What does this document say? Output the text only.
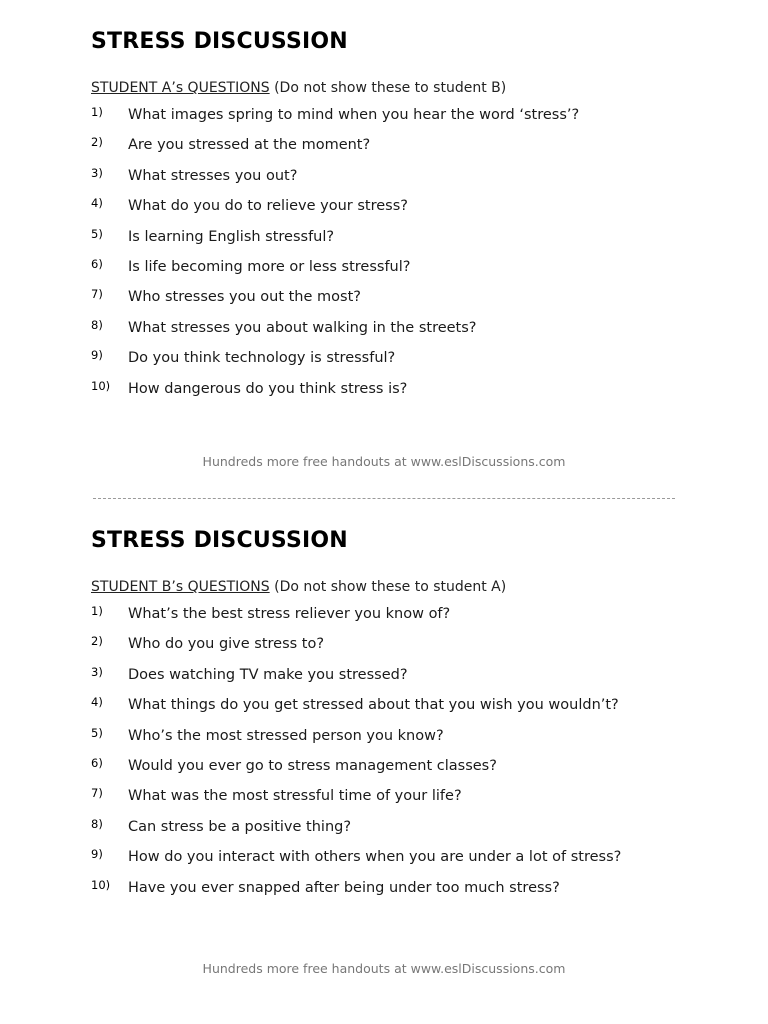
STRESS DISCUSSION
STUDENT A’s QUESTIONS (Do not show these to student B)
1) What images spring to mind when you hear the word ‘stress’?
2) Are you stressed at the moment?
3) What stresses you out?
4) What do you do to relieve your stress?
5) Is learning English stressful?
6) Is life becoming more or less stressful?
7) Who stresses you out the most?
8) What stresses you about walking in the streets?
9) Do you think technology is stressful?
10) How dangerous do you think stress is?
Hundreds more free handouts at www.eslDiscussions.com
STRESS DISCUSSION
STUDENT B’s QUESTIONS (Do not show these to student A)
1) What’s the best stress reliever you know of?
2) Who do you give stress to?
3) Does watching TV make you stressed?
4) What things do you get stressed about that you wish you wouldn’t?
5) Who’s the most stressed person you know?
6) Would you ever go to stress management classes?
7) What was the most stressful time of your life?
8) Can stress be a positive thing?
9) How do you interact with others when you are under a lot of stress?
10) Have you ever snapped after being under too much stress?
Hundreds more free handouts at www.eslDiscussions.com
